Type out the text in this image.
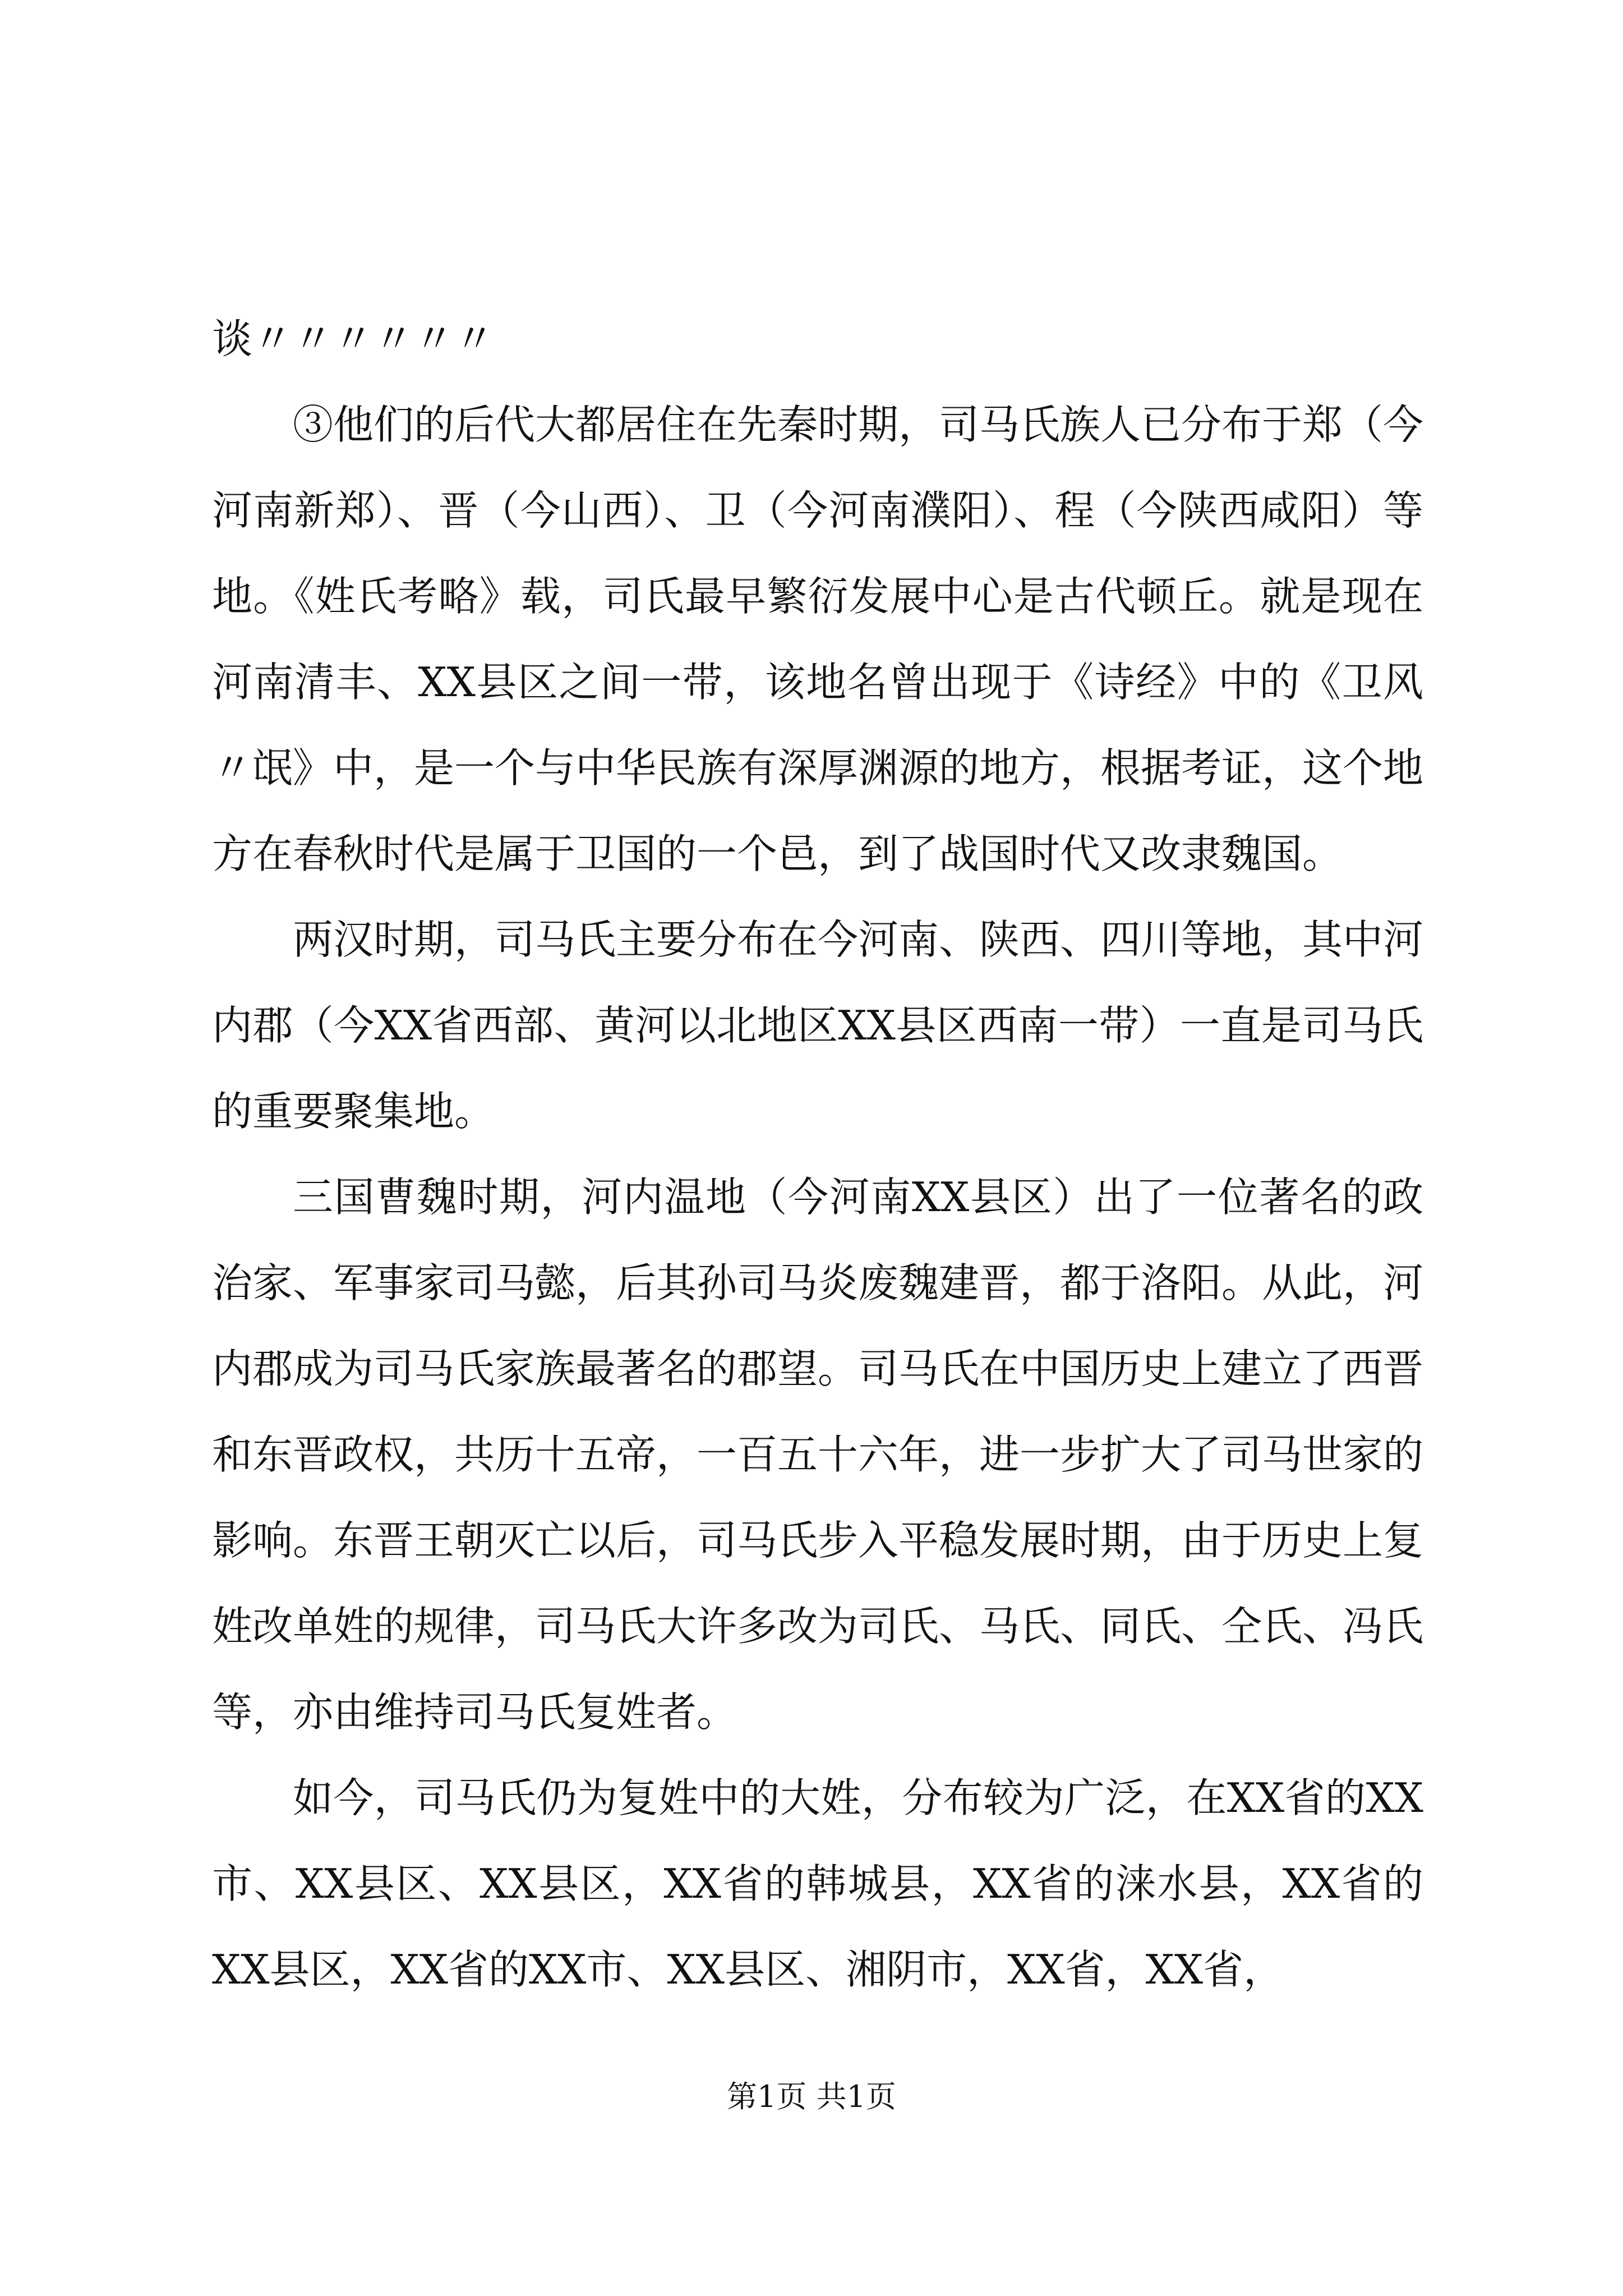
谈〃〃〃〃〃〃

③他们的后代大都居住在先秦时期，司马氏族人已分布于郑（今河南新郑）、晋（今山西）、卫（今河南濮阳）、程（今陕西咸阳）等地。《姓氏考略》载，司氏最早繁衍发展中心是古代顿丘。就是现在河南清丰、XX县区之间一带，该地名曾出现于《诗经》中的《卫风〃氓》中，是一个与中华民族有深厚渊源的地方，根据考证，这个地方在春秋时代是属于卫国的一个邑，到了战国时代又改隶魏国。

两汉时期，司马氏主要分布在今河南、陕西、四川等地，其中河内郡（今XX省西部、黄河以北地区XX县区西南一带）一直是司马氏的重要聚集地。

三国曹魏时期，河内温地（今河南XX县区）出了一位著名的政治家、军事家司马懿，后其孙司马炎废魏建晋，都于洛阳。从此，河内郡成为司马氏家族最著名的郡望。司马氏在中国历史上建立了西晋和东晋政权，共历十五帝，一百五十六年，进一步扩大了司马世家的影响。东晋王朝灭亡以后，司马氏步入平稳发展时期，由于历史上复姓改单姓的规律，司马氏大许多改为司氏、马氏、同氏、仝氏、冯氏等，亦由维持司马氏复姓者。

如今，司马氏仍为复姓中的大姓，分布较为广泛，在XX省的XX市、XX县区、XX县区，XX省的韩城县，XX省的涞水县，XX省的XX县区，XX省的XX市、XX县区、湘阴市，XX省，XX省，

第1页 共1页
